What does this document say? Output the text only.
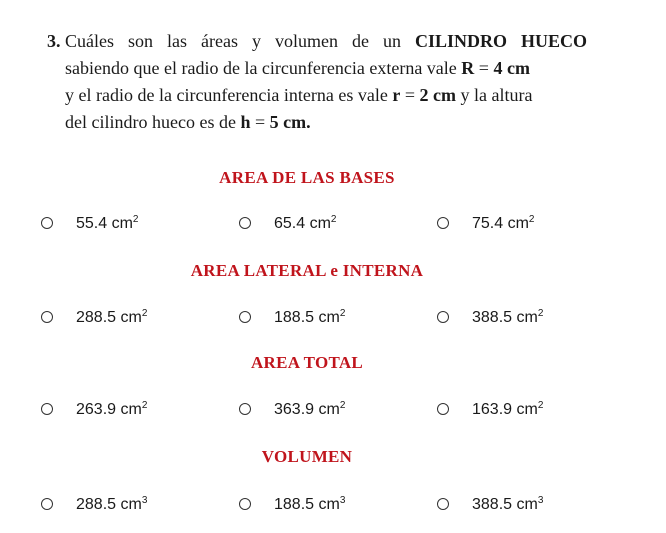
3. Cuáles son las áreas y volumen de un CILINDRO HUECO
sabiendo que el radio de la circunferencia externa vale R = 4 cm
y el radio de la circunferencia interna es vale r = 2 cm y la altura
del cilindro hueco es de h = 5 cm.
AREA DE LAS BASES
55.4 $cm^2$	65.4 $cm^2$	75.4 $cm^2$
AREA LATERAL e INTERNA
288.5 $cm^2$	188.5 $cm^2$	388.5 $cm^2$
AREA TOTAL
263.9 $cm^2$	363.9 $cm^2$	163.9 $cm^2$
VOLUMEN
288.5 $cm^3$	188.5 $cm^3$	388.5 $cm^3$
